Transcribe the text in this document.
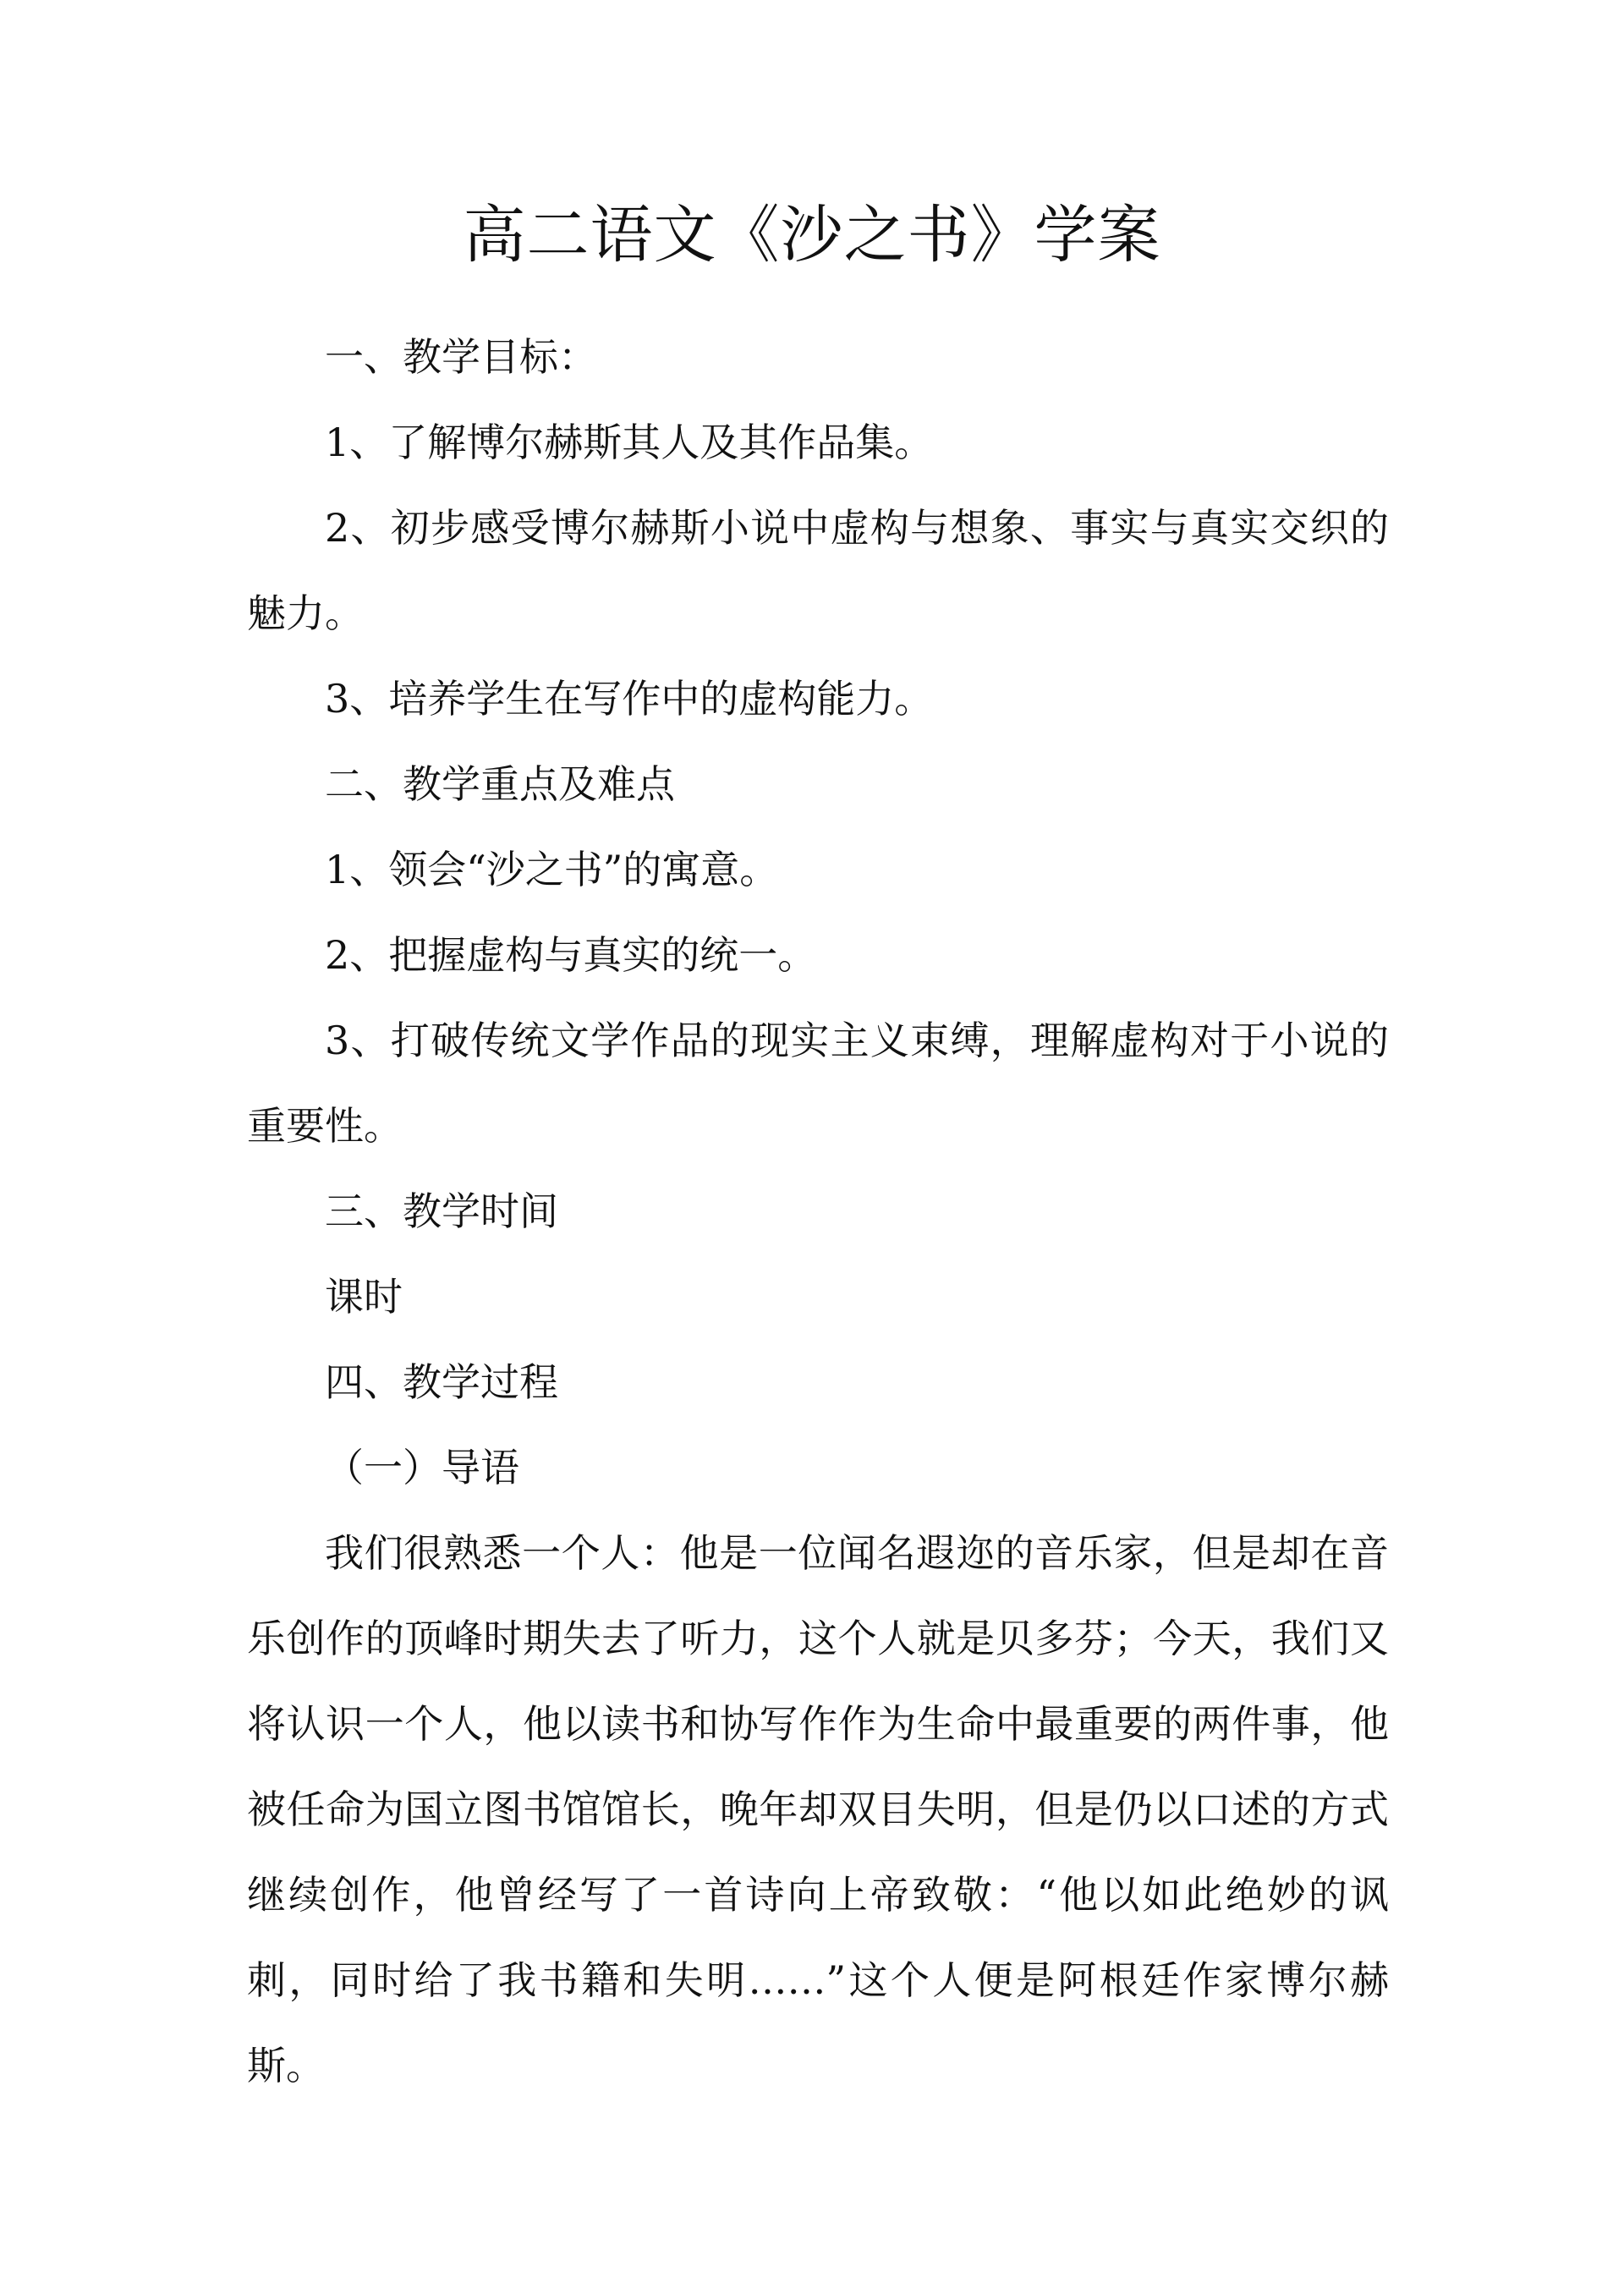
高二语文《沙之书》学案

一、教学目标：

1、了解博尔赫斯其人及其作品集。

2、初步感受博尔赫斯小说中虚构与想象、事实与真实交织的魅力。

3、培养学生在写作中的虚构能力。

二、教学重点及难点

1、领会“沙之书”的寓意。

2、把握虚构与真实的统一。

3、打破传统文学作品的现实主义束缚，理解虚构对于小说的重要性。

三、教学时间

课时

四、教学过程

（一）导语

我们很熟悉一个人：他是一位闻名遐迩的音乐家，但是却在音乐创作的顶峰时期失去了听力，这个人就是贝多芬；今天，我们又将认识一个人，他以读书和协写作作为生命中最重要的两件事，他被任命为国立图书馆馆长，晚年却双目失明，但是仍以口述的方式继续创作，他曾经写了一首诗向上帝致敬：“他以如此绝妙的讽刺，同时给了我书籍和失明……”这个人便是阿根廷作家博尔赫斯。
